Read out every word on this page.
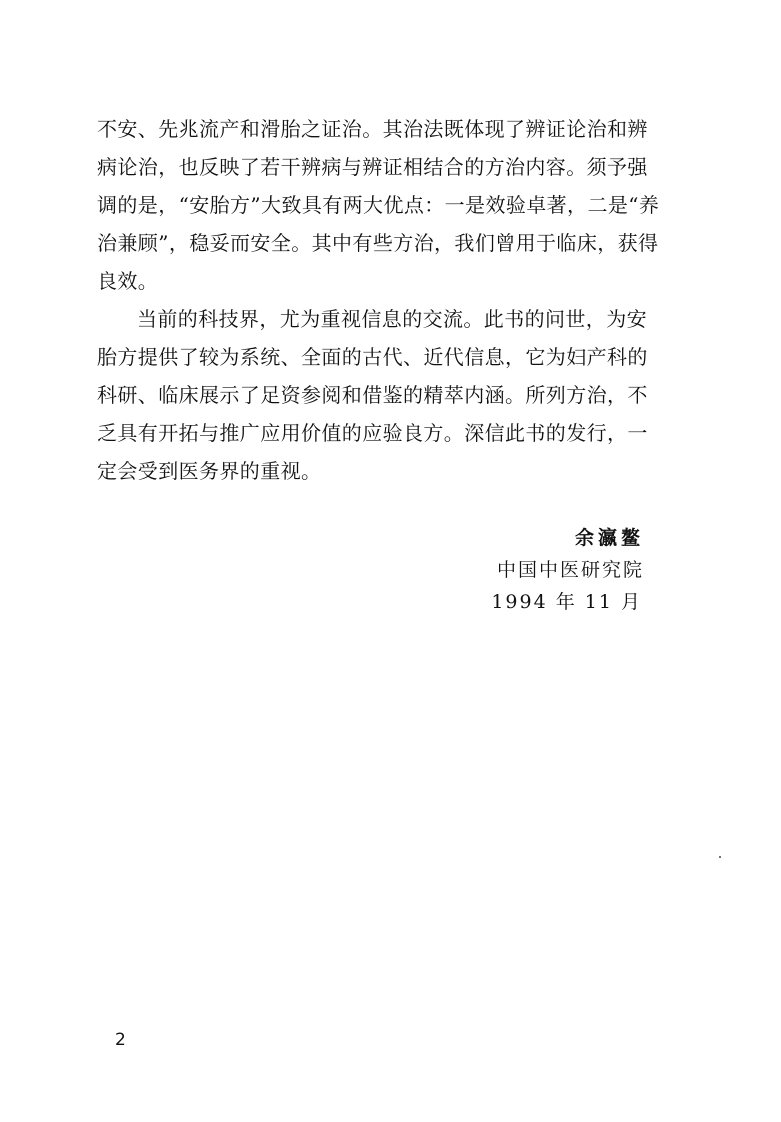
不安、先兆流产和滑胎之证治。其治法既体现了辨证论治和辨
病论治，也反映了若干辨病与辨证相结合的方治内容。须予强
调的是，“安胎方”大致具有两大优点：一是效验卓著，二是“养
治兼顾”，稳妥而安全。其中有些方治，我们曾用于临床，获得
良效。
当前的科技界，尤为重视信息的交流。此书的问世，为安
胎方提供了较为系统、全面的古代、近代信息，它为妇产科的
科研、临床展示了足资参阅和借鉴的精萃内涵。所列方治，不
乏具有开拓与推广应用价值的应验良方。深信此书的发行，一
定会受到医务界的重视。
余瀛鳌
中国中医研究院
1994 年 11 月
2
